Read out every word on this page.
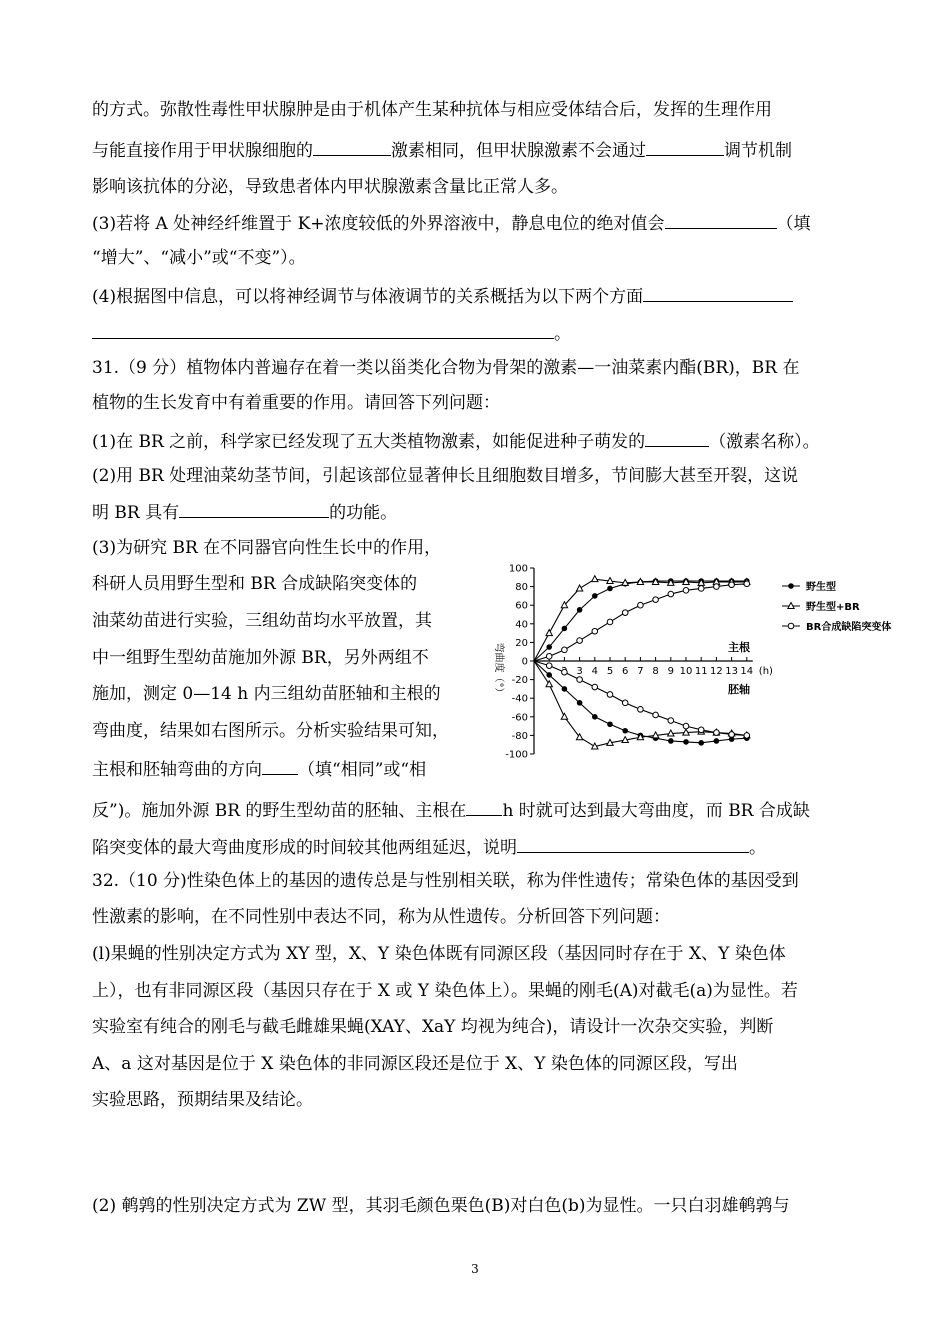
的方式。弥散性毒性甲状腺肿是由于机体产生某种抗体与相应受体结合后，发挥的生理作用
与能直接作用于甲状腺细胞的	激素相同，但甲状腺激素不会通过	调节机制
影响该抗体的分泌，导致患者体内甲状腺激素含量比正常人多。
(3)若将 A 处神经纤维置于 K+浓度较低的外界溶液中，静息电位的绝对值会	（填
“增大”、“减小”或“不变”）。
(4)根据图中信息，可以将神经调节与体液调节的关系概括为以下两个方面
。
31.（9 分）植物体内普遍存在着一类以甾类化合物为骨架的激素—一油菜素内酯(BR)，BR 在
植物的生长发育中有着重要的作用。请回答下列问题：
(1)在 BR 之前，科学家已经发现了五大类植物激素，如能促进种子萌发的	（激素名称）。
(2)用 BR 处理油菜幼茎节间，引起该部位显著伸长且细胞数目增多，节间膨大甚至开裂，这说
明 BR 具有	的功能。
(3)为研究 BR 在不同器官向性生长中的作用，
科研人员用野生型和 BR 合成缺陷突变体的
油菜幼苗进行实验，三组幼苗均水平放置，其
中一组野生型幼苗施加外源 BR，另外两组不
施加，测定 0—14 h 内三组幼苗胚轴和主根的
弯曲度，结果如右图所示。分析实验结果可知，
主根和胚轴弯曲的方向 （填“相同”或“相
反”)。施加外源 BR 的野生型幼苗的胚轴、主根在 h 时就可达到最大弯曲度，而 BR 合成缺
陷突变体的最大弯曲度形成的时间较其他两组延迟，说明	。
32.（10 分)性染色体上的基因的遗传总是与性别相关联，称为伴性遗传；常染色体的基因受到
性激素的影响，在不同性别中表达不同，称为从性遗传。分析回答下列问题：
(l)果蝇的性别决定方式为 XY 型，X、Y 染色体既有同源区段（基因同时存在于 X、Y 染色体
上），也有非同源区段（基因只存在于 X 或 Y 染色体上）。果蝇的刚毛(A)对截毛(a)为显性。若
实验室有纯合的刚毛与截毛雌雄果蝇(XAY、XaY 均视为纯合)，请设计一次杂交实验，判断
A、a 这对基因是位于 X 染色体的非同源区段还是位于 X、Y 染色体的同源区段，写出
实验思路，预期结果及结论。
(2) 鹌鹑的性别决定方式为 ZW 型，其羽毛颜色栗色(B)对白色(b)为显性。一只白羽雄鹌鹑与
3
100
80
60
40
20
0
-20
-40
-60
-80
-100
3 4 5 6 7 8 9 10 11 12 13 14 (h)
主根
胚轴
野生型
野生型+BR
BR合成缺陷突变体
弯曲度（°）
